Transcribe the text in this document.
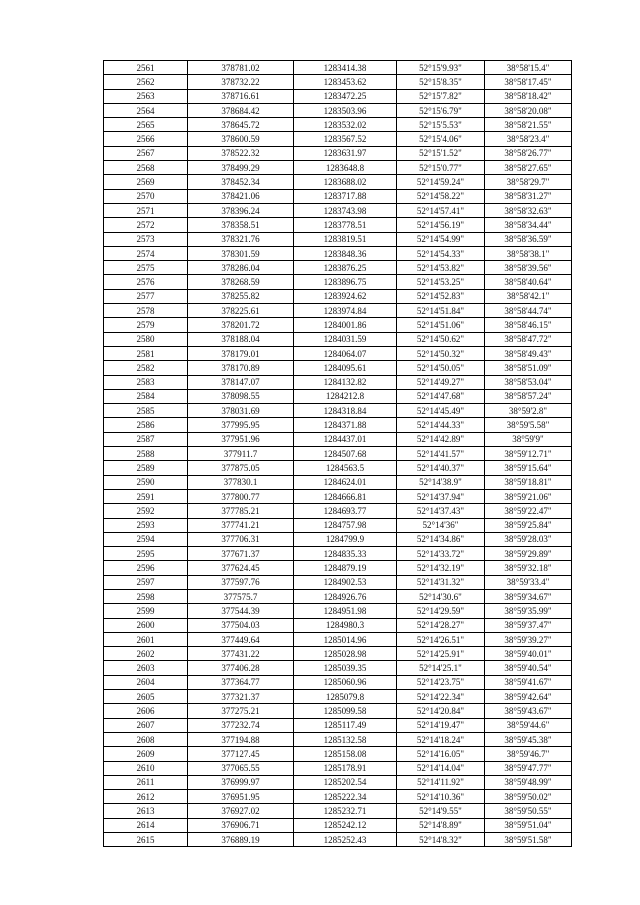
2561	378781.02	1283414.38	52°15'9.93"	38°58'15.4"
2562	378732.22	1283453.62	52°15'8.35"	38°58'17.45"
2563	378716.61	1283472.25	52°15'7.82"	38°58'18.42"
2564	378684.42	1283503.96	52°15'6.79"	38°58'20.08"
2565	378645.72	1283532.02	52°15'5.53"	38°58'21.55"
2566	378600.59	1283567.52	52°15'4.06"	38°58'23.4"
2567	378522.32	1283631.97	52°15'1.52"	38°58'26.77"
2568	378499.29	1283648.8	52°15'0.77"	38°58'27.65"
2569	378452.34	1283688.02	52°14'59.24"	38°58'29.7"
2570	378421.06	1283717.88	52°14'58.22"	38°58'31.27"
2571	378396.24	1283743.98	52°14'57.41"	38°58'32.63"
2572	378358.51	1283778.51	52°14'56.19"	38°58'34.44"
2573	378321.76	1283819.51	52°14'54.99"	38°58'36.59"
2574	378301.59	1283848.36	52°14'54.33"	38°58'38.1"
2575	378286.04	1283876.25	52°14'53.82"	38°58'39.56"
2576	378268.59	1283896.75	52°14'53.25"	38°58'40.64"
2577	378255.82	1283924.62	52°14'52.83"	38°58'42.1"
2578	378225.61	1283974.84	52°14'51.84"	38°58'44.74"
2579	378201.72	1284001.86	52°14'51.06"	38°58'46.15"
2580	378188.04	1284031.59	52°14'50.62"	38°58'47.72"
2581	378179.01	1284064.07	52°14'50.32"	38°58'49.43"
2582	378170.89	1284095.61	52°14'50.05"	38°58'51.09"
2583	378147.07	1284132.82	52°14'49.27"	38°58'53.04"
2584	378098.55	1284212.8	52°14'47.68"	38°58'57.24"
2585	378031.69	1284318.84	52°14'45.49"	38°59'2.8"
2586	377995.95	1284371.88	52°14'44.33"	38°59'5.58"
2587	377951.96	1284437.01	52°14'42.89"	38°59'9"
2588	377911.7	1284507.68	52°14'41.57"	38°59'12.71"
2589	377875.05	1284563.5	52°14'40.37"	38°59'15.64"
2590	377830.1	1284624.01	52°14'38.9"	38°59'18.81"
2591	377800.77	1284666.81	52°14'37.94"	38°59'21.06"
2592	377785.21	1284693.77	52°14'37.43"	38°59'22.47"
2593	377741.21	1284757.98	52°14'36"	38°59'25.84"
2594	377706.31	1284799.9	52°14'34.86"	38°59'28.03"
2595	377671.37	1284835.33	52°14'33.72"	38°59'29.89"
2596	377624.45	1284879.19	52°14'32.19"	38°59'32.18"
2597	377597.76	1284902.53	52°14'31.32"	38°59'33.4"
2598	377575.7	1284926.76	52°14'30.6"	38°59'34.67"
2599	377544.39	1284951.98	52°14'29.59"	38°59'35.99"
2600	377504.03	1284980.3	52°14'28.27"	38°59'37.47"
2601	377449.64	1285014.96	52°14'26.51"	38°59'39.27"
2602	377431.22	1285028.98	52°14'25.91"	38°59'40.01"
2603	377406.28	1285039.35	52°14'25.1"	38°59'40.54"
2604	377364.77	1285060.96	52°14'23.75"	38°59'41.67"
2605	377321.37	1285079.8	52°14'22.34"	38°59'42.64"
2606	377275.21	1285099.58	52°14'20.84"	38°59'43.67"
2607	377232.74	1285117.49	52°14'19.47"	38°59'44.6"
2608	377194.88	1285132.58	52°14'18.24"	38°59'45.38"
2609	377127.45	1285158.08	52°14'16.05"	38°59'46.7"
2610	377065.55	1285178.91	52°14'14.04"	38°59'47.77"
2611	376999.97	1285202.54	52°14'11.92"	38°59'48.99"
2612	376951.95	1285222.34	52°14'10.36"	38°59'50.02"
2613	376927.02	1285232.71	52°14'9.55"	38°59'50.55"
2614	376906.71	1285242.12	52°14'8.89"	38°59'51.04"
2615	376889.19	1285252.43	52°14'8.32"	38°59'51.58"
